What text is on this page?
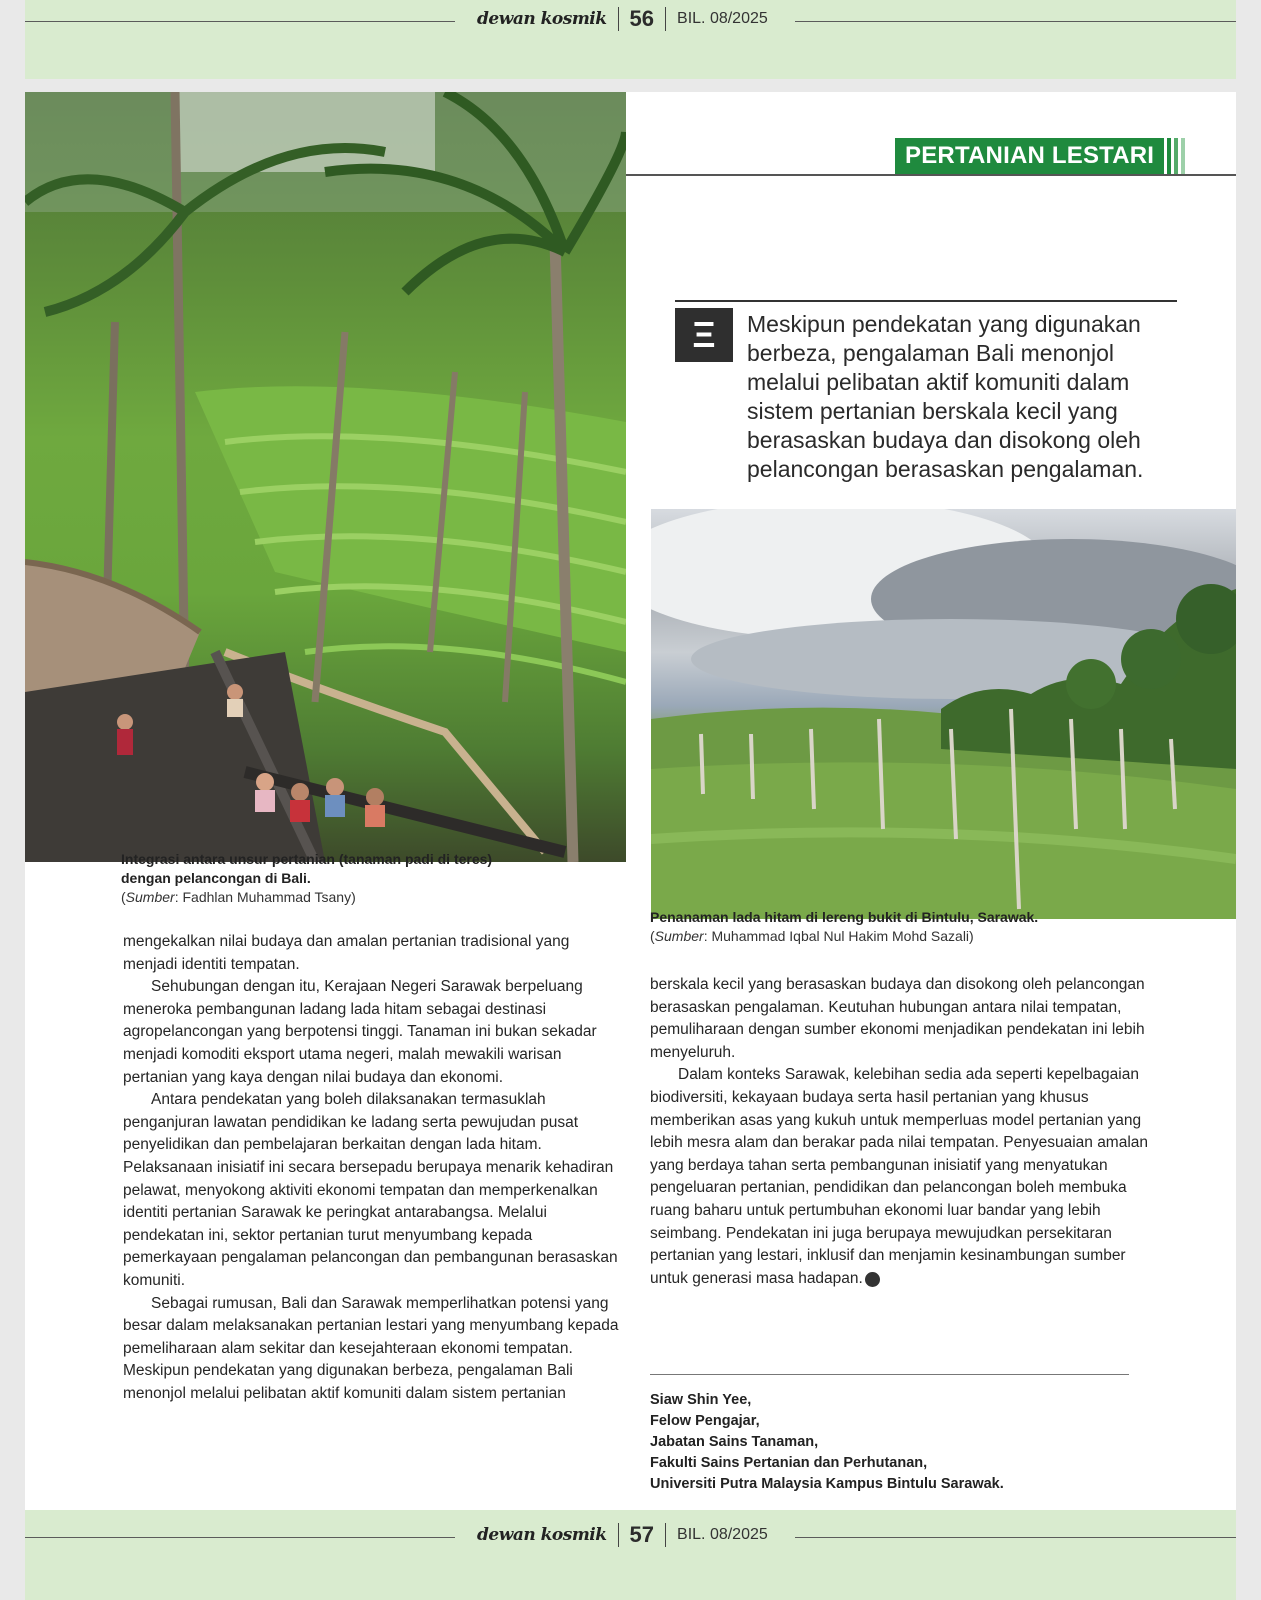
dewan kosmik 56 BIL. 08/2025
PERTANIAN LESTARI
Ξ Meskipun pendekatan yang digunakan berbeza, pengalaman Bali menonjol melalui pelibatan aktif komuniti dalam sistem pertanian berskala kecil yang berasaskan budaya dan disokong oleh pelancongan berasaskan pengalaman.
Integrasi antara unsur pertanian (tanaman padi di teres)
dengan pelancongan di Bali.
(Sumber: Fadhlan Muhammad Tsany)
Penanaman lada hitam di lereng bukit di Bintulu, Sarawak.
(Sumber: Muhammad Iqbal Nul Hakim Mohd Sazali)

mengekalkan nilai budaya dan amalan pertanian tradisional yang menjadi identiti tempatan.

Sehubungan dengan itu, Kerajaan Negeri Sarawak berpeluang meneroka pembangunan ladang lada hitam sebagai destinasi agropelancongan yang berpotensi tinggi. Tanaman ini bukan sekadar menjadi komoditi eksport utama negeri, malah mewakili warisan pertanian yang kaya dengan nilai budaya dan ekonomi.

Antara pendekatan yang boleh dilaksanakan termasuklah penganjuran lawatan pendidikan ke ladang serta pewujudan pusat penyelidikan dan pembelajaran berkaitan dengan lada hitam. Pelaksanaan inisiatif ini secara bersepadu berupaya menarik kehadiran pelawat, menyokong aktiviti ekonomi tempatan dan memperkenalkan identiti pertanian Sarawak ke peringkat antarabangsa. Melalui pendekatan ini, sektor pertanian turut menyumbang kepada pemerkayaan pengalaman pelancongan dan pembangunan berasaskan komuniti.

Sebagai rumusan, Bali dan Sarawak memperlihatkan potensi yang besar dalam melaksanakan pertanian lestari yang menyumbang kepada pemeliharaan alam sekitar dan kesejahteraan ekonomi tempatan. Meskipun pendekatan yang digunakan berbeza, pengalaman Bali menonjol melalui pelibatan aktif komuniti dalam sistem pertanian

berskala kecil yang berasaskan budaya dan disokong oleh pelancongan berasaskan pengalaman. Keutuhan hubungan antara nilai tempatan, pemuliharaan dengan sumber ekonomi menjadikan pendekatan ini lebih menyeluruh.

Dalam konteks Sarawak, kelebihan sedia ada seperti kepelbagaian biodiversiti, kekayaan budaya serta hasil pertanian yang khusus memberikan asas yang kukuh untuk memperluas model pertanian yang lebih mesra alam dan berakar pada nilai tempatan. Penyesuaian amalan yang berdaya tahan serta pembangunan inisiatif yang menyatukan pengeluaran pertanian, pendidikan dan pelancongan boleh membuka ruang baharu untuk pertumbuhan ekonomi luar bandar yang lebih seimbang. Pendekatan ini juga berupaya mewujudkan persekitaran pertanian yang lestari, inklusif dan menjamin kesinambungan sumber untuk generasi masa hadapan.	DK

Siaw Shin Yee,
Felow Pengajar,
Jabatan Sains Tanaman,
Fakulti Sains Pertanian dan Perhutanan,
Universiti Putra Malaysia Kampus Bintulu Sarawak.
dewan kosmik 57 BIL. 08/2025
